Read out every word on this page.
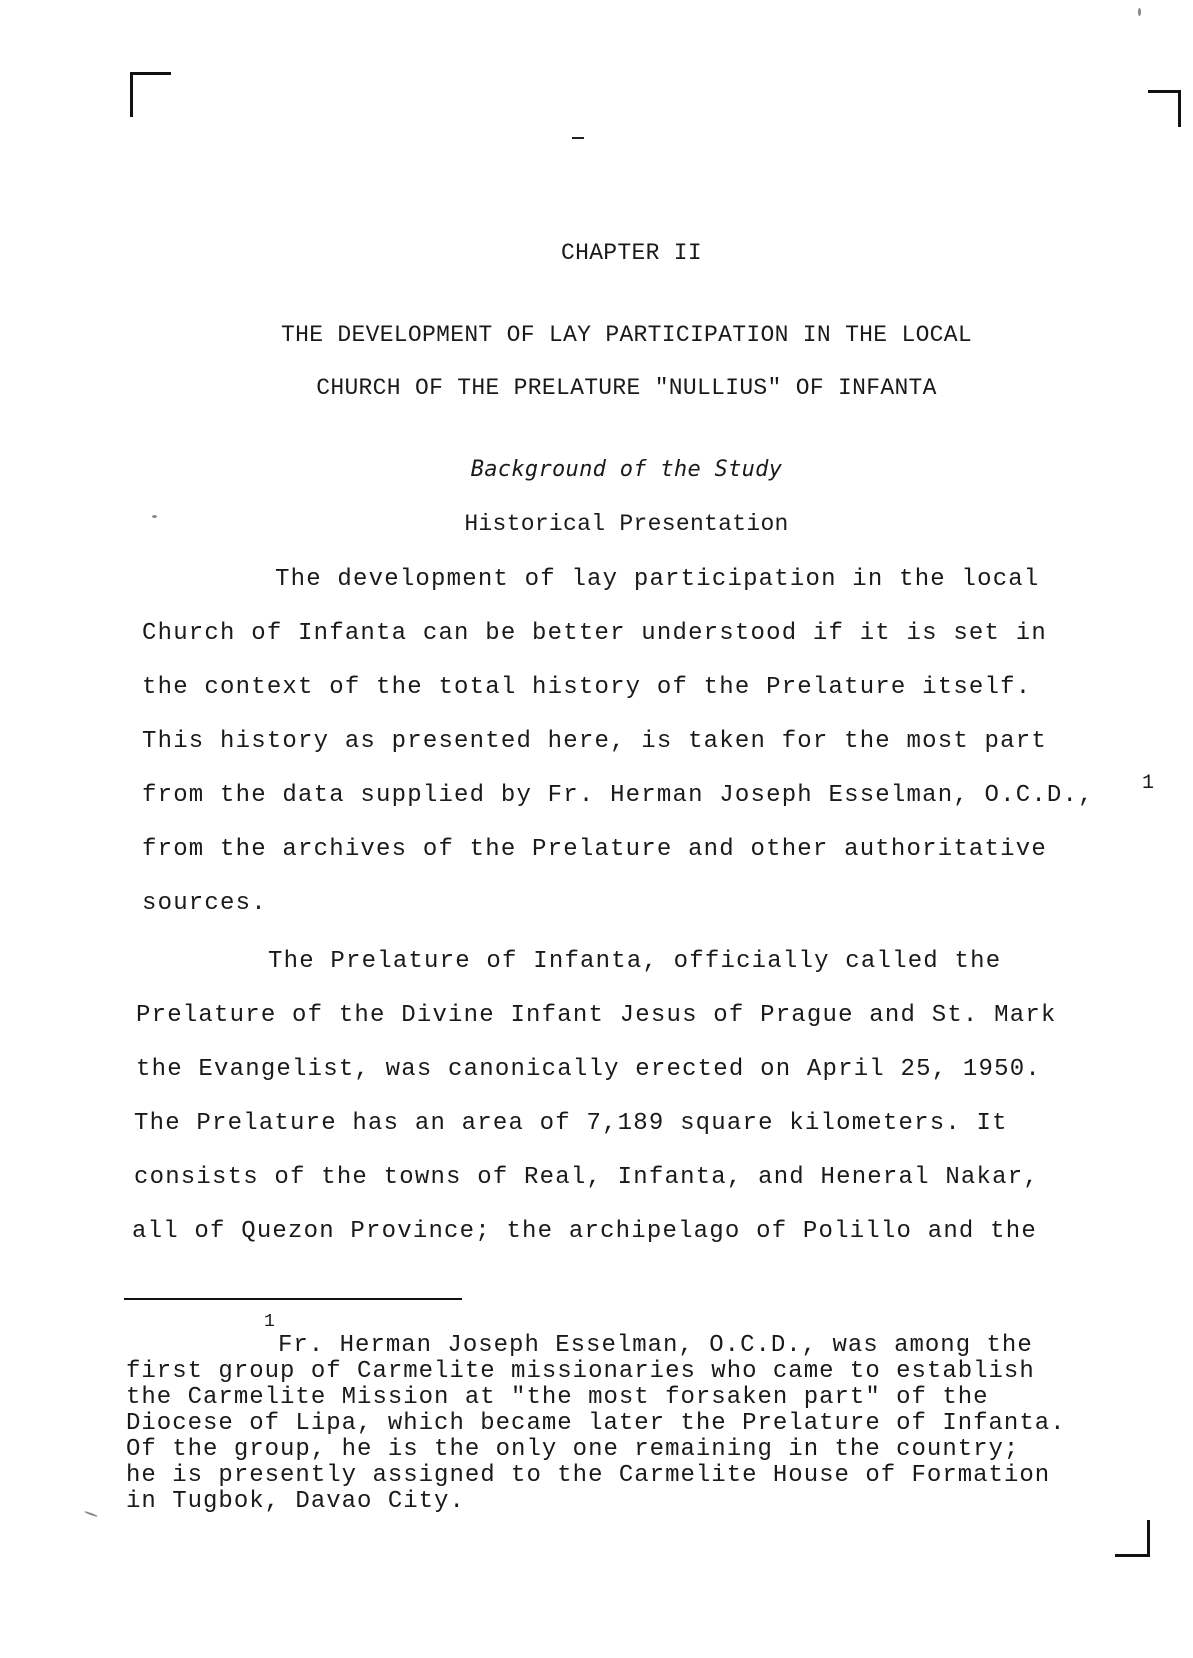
CHAPTER II
THE DEVELOPMENT OF LAY PARTICIPATION IN THE LOCAL
CHURCH OF THE PRELATURE "NULLIUS" OF INFANTA
Background of the Study
Historical Presentation
The development of lay participation in the local
Church of Infanta can be better understood if it is set in
the context of the total history of the Prelature itself.
This history as presented here, is taken for the most part
from the data supplied by Fr. Herman Joseph Esselman, O.C.D., 1
from the archives of the Prelature and other authoritative
sources.
The Prelature of Infanta, officially called the
Prelature of the Divine Infant Jesus of Prague and St. Mark
the Evangelist, was canonically erected on April 25, 1950.
The Prelature has an area of 7,189 square kilometers. It
consists of the towns of Real, Infanta, and Heneral Nakar,
all of Quezon Province; the archipelago of Polillo and the
1
Fr. Herman Joseph Esselman, O.C.D., was among the
first group of Carmelite missionaries who came to establish
the Carmelite Mission at "the most forsaken part" of the
Diocese of Lipa, which became later the Prelature of Infanta.
Of the group, he is the only one remaining in the country;
he is presently assigned to the Carmelite House of Formation
in Tugbok, Davao City.
